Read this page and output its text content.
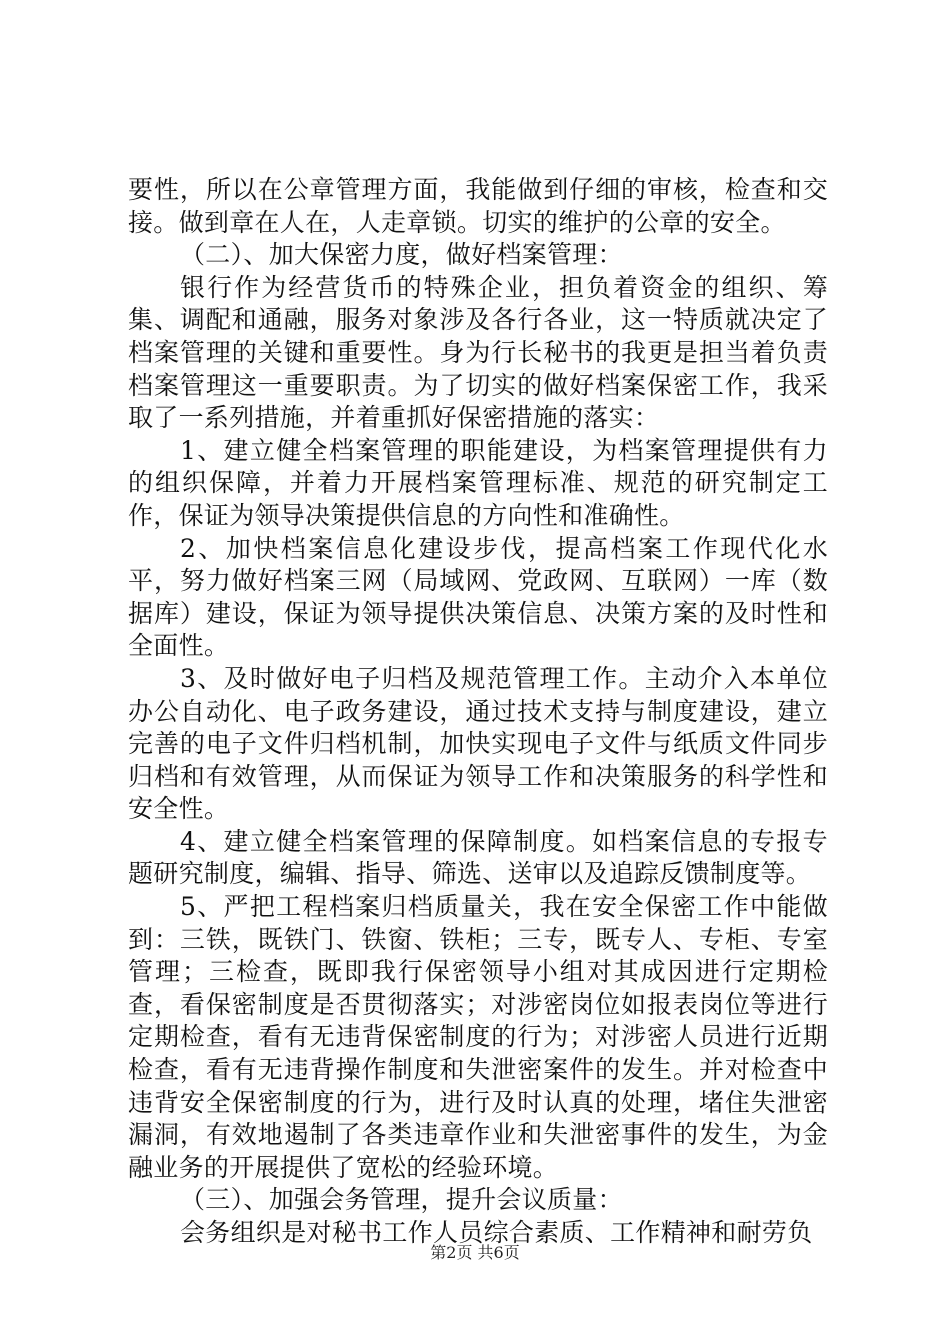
要性，所以在公章管理方面，我能做到仔细的审核，检查和交接。做到章在人在，人走章锁。切实的维护的公章的安全。

（二）、加大保密力度，做好档案管理：

银行作为经营货币的特殊企业，担负着资金的组织、筹集、调配和通融，服务对象涉及各行各业，这一特质就决定了档案管理的关键和重要性。身为行长秘书的我更是担当着负责档案管理这一重要职责。为了切实的做好档案保密工作，我采取了一系列措施，并着重抓好保密措施的落实：

1、建立健全档案管理的职能建设，为档案管理提供有力的组织保障，并着力开展档案管理标准、规范的研究制定工作，保证为领导决策提供信息的方向性和准确性。

2、加快档案信息化建设步伐，提高档案工作现代化水平，努力做好档案三网（局域网、党政网、互联网）一库（数据库）建设，保证为领导提供决策信息、决策方案的及时性和全面性。

3、及时做好电子归档及规范管理工作。主动介入本单位办公自动化、电子政务建设，通过技术支持与制度建设，建立完善的电子文件归档机制，加快实现电子文件与纸质文件同步归档和有效管理，从而保证为领导工作和决策服务的科学性和安全性。

4、建立健全档案管理的保障制度。如档案信息的专报专题研究制度，编辑、指导、筛选、送审以及追踪反馈制度等。

5、严把工程档案归档质量关，我在安全保密工作中能做到：三铁，既铁门、铁窗、铁柜；三专，既专人、专柜、专室管理；三检查，既即我行保密领导小组对其成因进行定期检查，看保密制度是否贯彻落实；对涉密岗位如报表岗位等进行定期检查，看有无违背保密制度的行为；对涉密人员进行近期检查，看有无违背操作制度和失泄密案件的发生。并对检查中违背安全保密制度的行为，进行及时认真的处理，堵住失泄密漏洞，有效地遏制了各类违章作业和失泄密事件的发生，为金融业务的开展提供了宽松的经验环境。

（三）、加强会务管理，提升会议质量：

会务组织是对秘书工作人员综合素质、工作精神和耐劳负

第2页 共6页
